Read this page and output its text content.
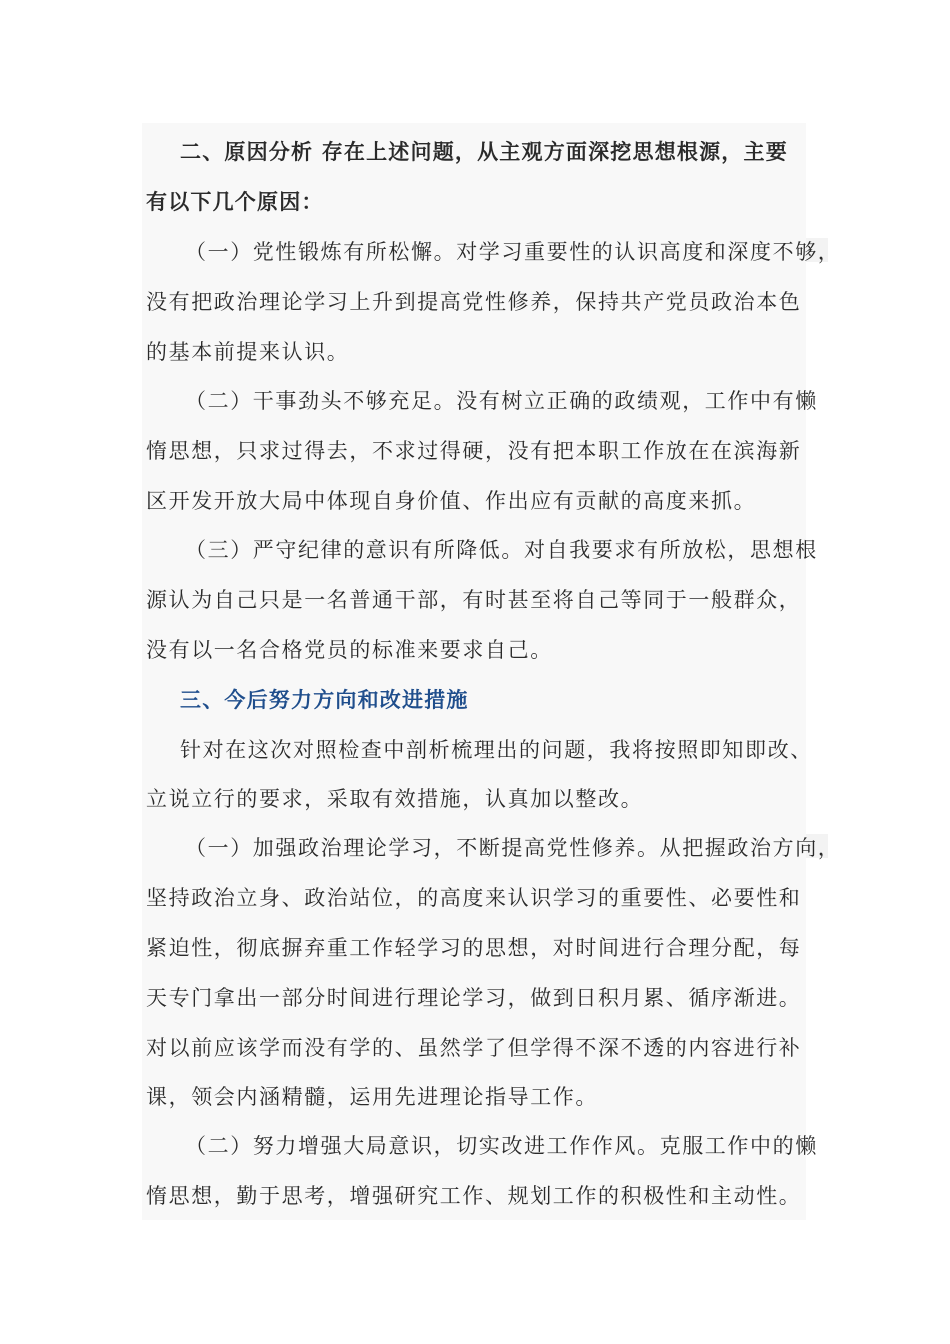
二、原因分析 存在上述问题，从主观方面深挖思想根源，主要
有以下几个原因：
（一）党性锻炼有所松懈。对学习重要性的认识高度和深度不够，
没有把政治理论学习上升到提高党性修养，保持共产党员政治本色
的基本前提来认识。
（二）干事劲头不够充足。没有树立正确的政绩观，工作中有懒
惰思想，只求过得去，不求过得硬，没有把本职工作放在在滨海新
区开发开放大局中体现自身价值、作出应有贡献的高度来抓。
（三）严守纪律的意识有所降低。对自我要求有所放松，思想根
源认为自己只是一名普通干部，有时甚至将自己等同于一般群众，
没有以一名合格党员的标准来要求自己。
三、今后努力方向和改进措施
针对在这次对照检查中剖析梳理出的问题，我将按照即知即改、
立说立行的要求，采取有效措施，认真加以整改。
（一）加强政治理论学习，不断提高党性修养。从把握政治方向，
坚持政治立身、政治站位，的高度来认识学习的重要性、必要性和
紧迫性，彻底摒弃重工作轻学习的思想，对时间进行合理分配，每
天专门拿出一部分时间进行理论学习，做到日积月累、循序渐进。
对以前应该学而没有学的、虽然学了但学得不深不透的内容进行补
课，领会内涵精髓，运用先进理论指导工作。
（二）努力增强大局意识，切实改进工作作风。克服工作中的懒
惰思想，勤于思考，增强研究工作、规划工作的积极性和主动性。
